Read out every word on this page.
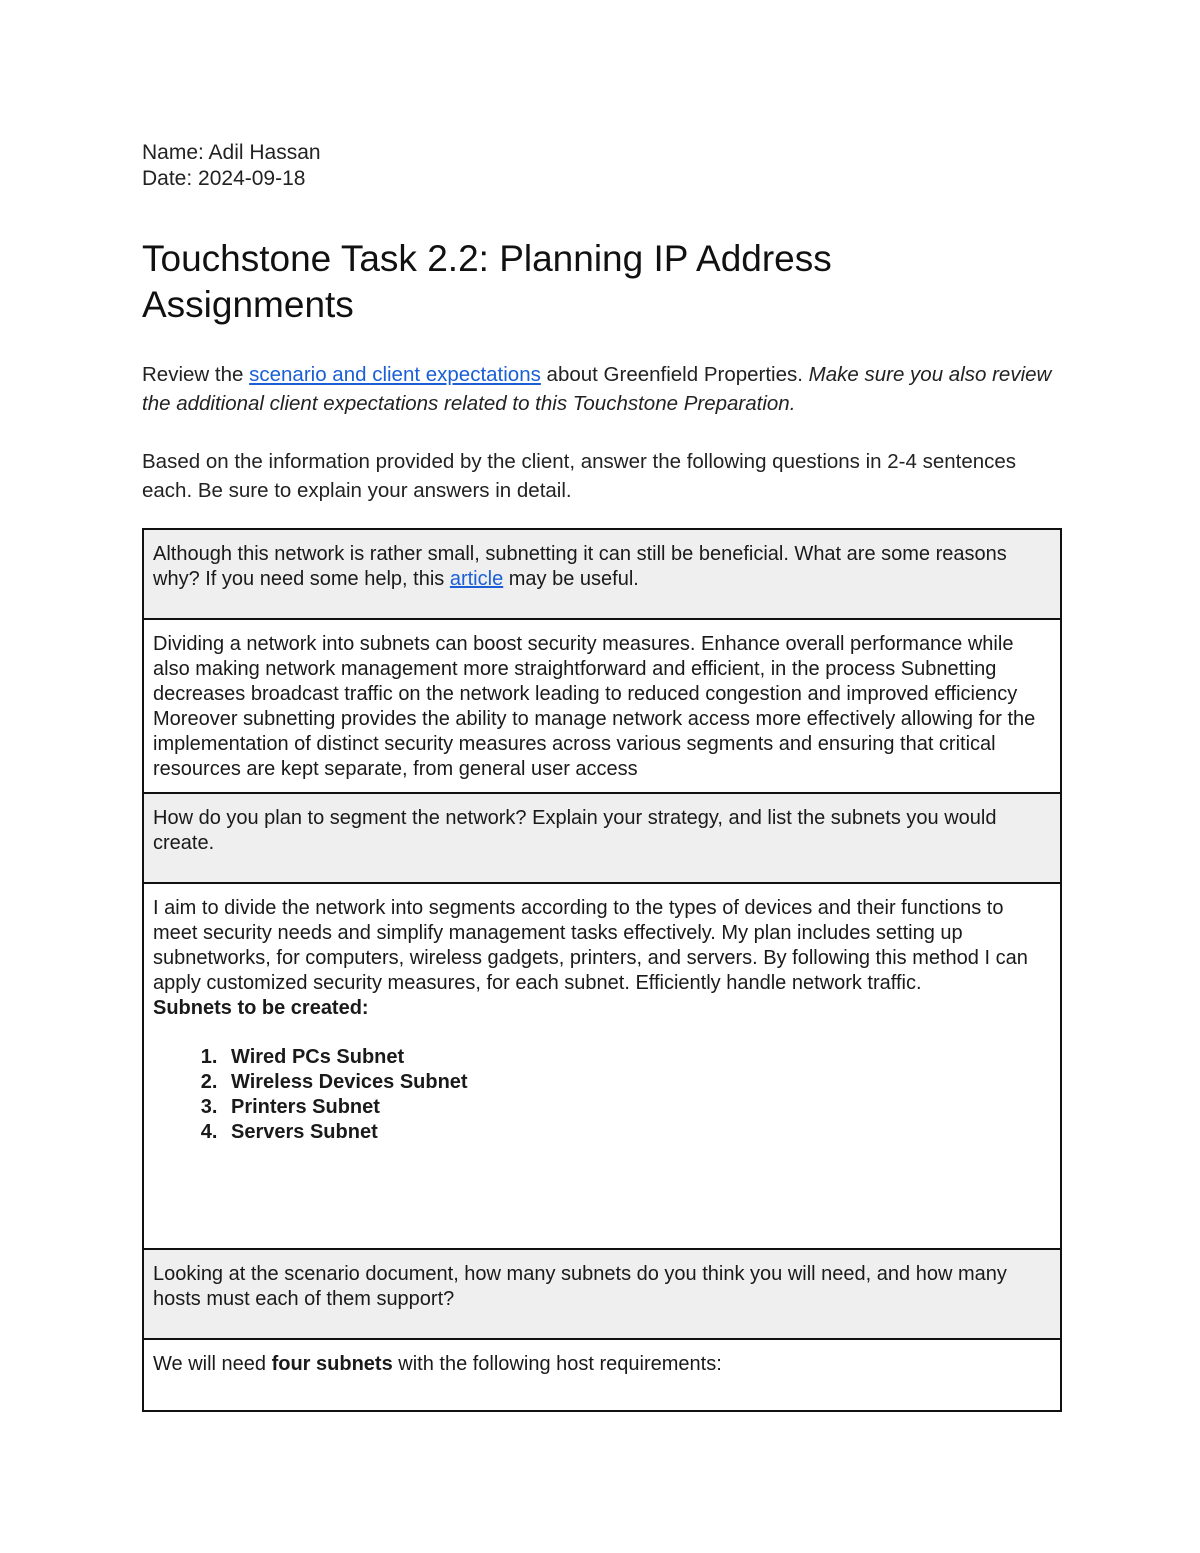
Name: Adil Hassan
Date: 2024-09-18
Touchstone Task 2.2: Planning IP Address Assignments
Review the scenario and client expectations about Greenfield Properties. Make sure you also review the additional client expectations related to this Touchstone Preparation.
Based on the information provided by the client, answer the following questions in 2-4 sentences each. Be sure to explain your answers in detail.
Although this network is rather small, subnetting it can still be beneficial. What are some reasons why? If you need some help, this article may be useful.
Dividing a network into subnets can boost security measures. Enhance overall performance while also making network management more straightforward and efficient, in the process Subnetting decreases broadcast traffic on the network leading to reduced congestion and improved efficiency Moreover subnetting provides the ability to manage network access more effectively allowing for the implementation of distinct security measures across various segments and ensuring that critical resources are kept separate, from general user access
How do you plan to segment the network? Explain your strategy, and list the subnets you would create.

I aim to divide the network into segments according to the types of devices and their functions to meet security needs and simplify management tasks effectively. My plan includes setting up subnetworks, for computers, wireless gadgets, printers, and servers. By following this method I can apply customized security measures, for each subnet. Efficiently handle network traffic.
Subnets to be created:
1. Wired PCs Subnet
2. Wireless Devices Subnet
3. Printers Subnet
4. Servers Subnet

Looking at the scenario document, how many subnets do you think you will need, and how many hosts must each of them support?
We will need four subnets with the following host requirements:
